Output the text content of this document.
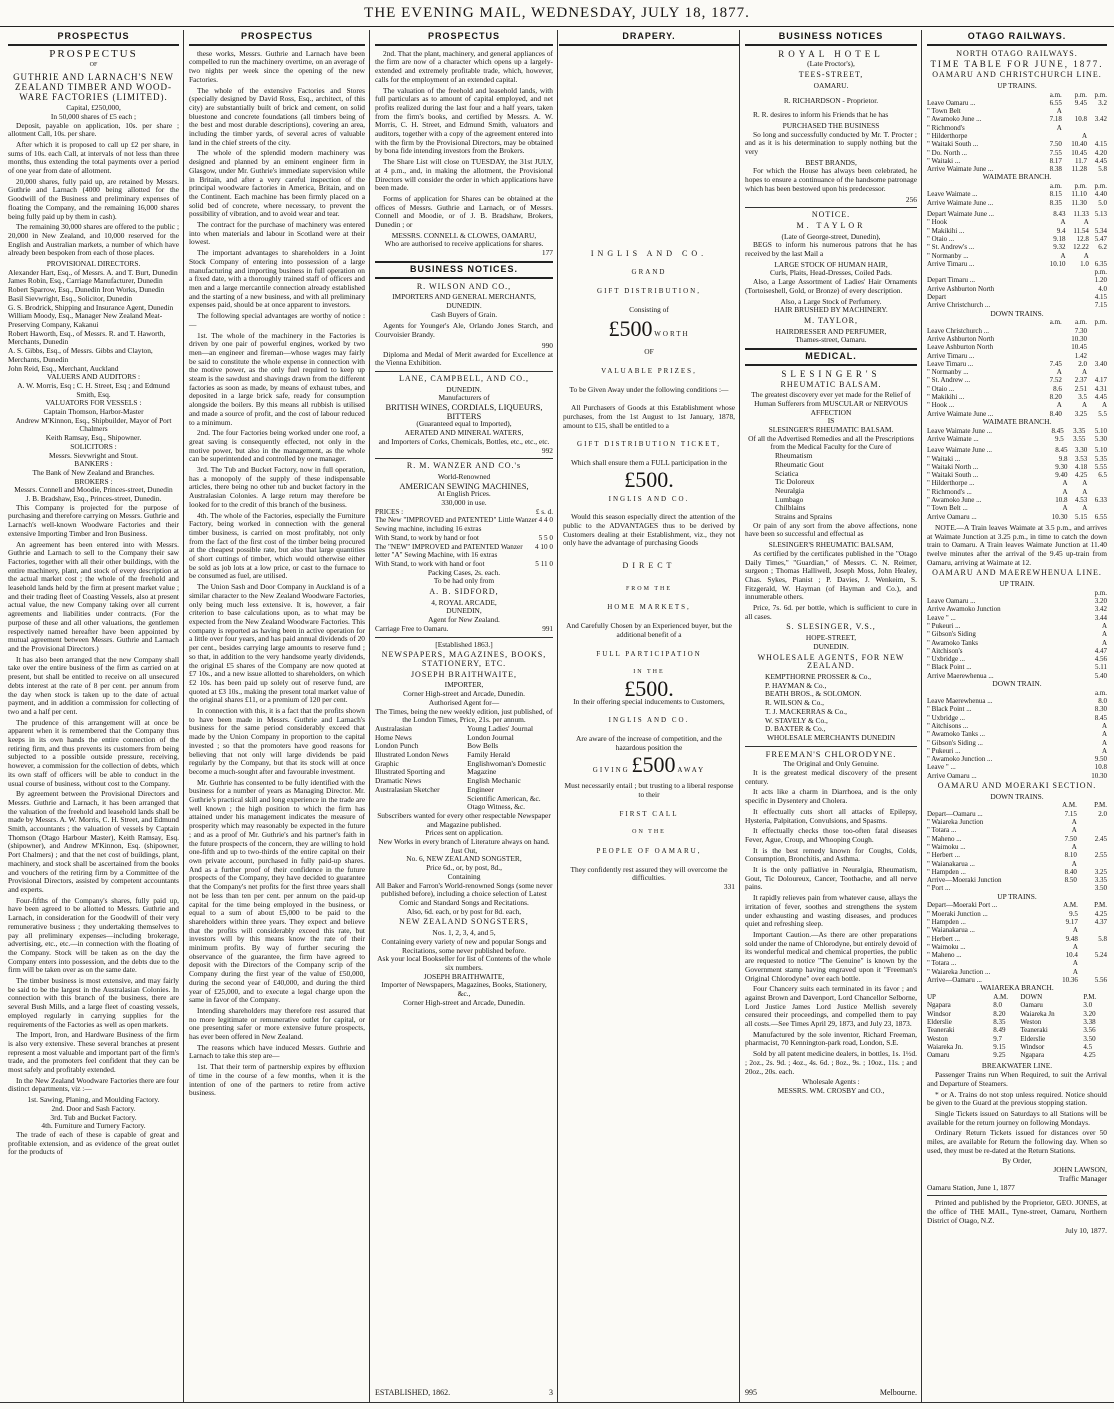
THE EVENING MAIL, WEDNESDAY, JULY 18, 1877.
PROSPECTUS
PROSPECTUS
OF
GUTHRIE AND LARNACH'S NEW ZEALAND TIMBER AND WOOD-WARE FACTORIES (LIMITED).
Capital, £250,000,
In 50,000 shares of £5 each ;
Deposit, payable on application, 10s. per share ; allotment Call, 10s. per share.
After which it is proposed to call up £2 per share, in sums of 10s. each Call, at intervals of not less than three months, thus extending the total payments over a period of one year from date of allotment.
20,000 shares, fully paid up, are retained by Messrs. Guthrie and Larnach (4000 being allotted for the Goodwill of the Business and preliminary expenses of floating the Company, and the remaining 16,000 shares being fully paid up by them in cash).
The remaining 30,000 shares are offered to the public ; 20,000 in New Zealand, and 10,000 reserved for the English and Australian markets, a number of which have already been bespoken from each of those places.
PROVISIONAL DIRECTORS.
Alexander Hart, Esq., of Messrs. A. and T. Burt, Dunedin
James Robin, Esq., Carriage Manufacturer, Dunedin
Robert Sparrow, Esq., Dunedin Iron Works, Dunedin
Basil Sievwright, Esq., Solicitor, Dunedin
G. S. Brodrick, Shipping and Insurance Agent, Dunedin
William Moody, Esq., Manager New Zealand Meat-Preserving Company, Kakanui
Robert Haworth, Esq., of Messrs. R. and T. Haworth, Merchants, Dunedin
A. S. Gibbs, Esq., of Messrs. Gibbs and Clayton, Merchants, Dunedin
John Reid, Esq., Merchant, Auckland
VALUERS AND AUDITORS :
A. W. Morris, Esq ; C. H. Street, Esq ; and Edmund Smith, Esq.
VALUATORS FOR VESSELS :
Captain Thomson, Harbor-Master
Andrew M'Kinnon, Esq., Shipbuilder, Mayor of Port Chalmers
Keith Ramsay, Esq., Shipowner.
SOLICITORS :
Messrs. Sievwright and Stout.
BANKERS :
The Bank of New Zealand and Branches.
BROKERS :
Messrs. Connell and Moodie, Princes-street, Dunedin
J. B. Bradshaw, Esq., Princes-street, Dunedin.
This Company is projected for the purpose of purchasing and therefore carrying on Messrs. Guthrie and Larnach's well-known Woodware Factories and their extensive Importing Timber and Iron Business.
An agreement has been entered into with Messrs. Guthrie and Larnach to sell to the Company their saw Factories, together with all their other buildings, with the entire machinery, plant, and stock of every description at the actual market cost ; the whole of the freehold and leasehold lands held by the firm at present market value ; and their trading fleet of Coasting Vessels, also at present actual value, the new Company taking over all current agreements and liabilities under contracts. (For the purpose of these and all other valuations, the gentlemen respectively named hereafter have been appointed by mutual agreement between Messrs. Guthrie and Larnach and the Provisional Directors.)
It has also been arranged that the new Company shall take over the entire business of the firm as carried on at present, but shall be entitled to receive on all unsecured debts interest at the rate of 8 per cent. per annum from the day when stock is taken up to the date of actual payment, and in addition a commission for collecting of two and a half per cent.
The prudence of this arrangement will at once be apparent when it is remembered that the Company thus keeps in its own hands the entire connection of the retiring firm, and thus prevents its customers from being subjected to a possible outside pressure, receiving, however, a commission for the collection of debts, which its own staff of officers will be able to conduct in the usual course of business, without cost to the Company.
By agreement between the Provisional Directors and Messrs. Guthrie and Larnach, it has been arranged that the valuation of the freehold and leasehold lands shall be made by Messrs. A. W. Morris, C. H. Street, and Edmund Smith, accountants ; the valuation of vessels by Captain Thomson (Otago Harbour Master), Keith Ramsay, Esq. (shipowner), and Andrew M'Kinnon, Esq. (shipowner, Port Chalmers) ; and that the net cost of buildings, plant, machinery, and stock shall be ascertained from the books and vouchers of the retiring firm by a Committee of the Provisional Directors, assisted by competent accountants and experts.
Four-fifths of the Company's shares, fully paid up, have been agreed to be allotted to Messrs. Guthrie and Larnach, in consideration for the Goodwill of their very remunerative business ; they undertaking themselves to pay all preliminary expenses—including brokerage, advertising, etc., etc.—in connection with the floating of the Company. Stock will be taken as on the day the Company enters into possession, and the debts due to the firm will be taken over as on the same date.
The timber business is most extensive, and may fairly be said to be the largest in the Australasian Colonies. In connection with this branch of the business, there are several Bush Mills, and a large fleet of coasting vessels, employed regularly in carrying supplies for the requirements of the Factories as well as open markets.
The Import, Iron, and Hardware Business of the firm is also very extensive. These several branches at present represent a most valuable and important part of the firm's trade, and the promoters feel confident that they can be most safely and profitably extended.
In the New Zealand Woodware Factories there are four distinct departments, viz :—
1st. Sawing, Planing, and Moulding Factory.
2nd. Door and Sash Factory.
3rd. Tub and Bucket Factory.
4th. Furniture and Turnery Factory.
The trade of each of these is capable of great and profitable extension, and as evidence of the great outlet for the products of
PROSPECTUS
these works, Messrs. Guthrie and Larnach have been compelled to run the machinery overtime, on an average of two nights per week since the opening of the new Factories.
The whole of the extensive Factories and Stores (specially designed by David Ross, Esq., architect, of this city) are substantially built of brick and cement, on solid bluestone and concrete foundations (all timbers being of the best and most durable descriptions), covering an area, including the timber yards, of several acres of valuable land in the chief streets of the city.
The whole of the splendid modern machinery was designed and planned by an eminent engineer firm in Glasgow, under Mr. Guthrie's immediate supervision while in Britain, and after a very careful inspection of the principal woodware factories in America, Britain, and on the Continent. Each machine has been firmly placed on a solid bed of concrete, where necessary, to prevent the possibility of vibration, and to avoid wear and tear.
The contract for the purchase of machinery was entered into when materials and labour in Scotland were at their lowest.
The important advantages to shareholders in a Joint Stock Company of entering into possession of a large manufacturing and importing business in full operation on a fixed date, with a thoroughly trained staff of officers and men and a large mercantile connection already established and the starting of a new business, and with all preliminary expenses paid, should be at once apparent to investors.
The following special advantages are worthy of notice :—
1st. The whole of the machinery in the Factories is driven by one pair of powerful engines, worked by two men—an engineer and fireman—whose wages may fairly be said to constitute the whole expense in connection with the motive power, as the only fuel required to keep up steam is the sawdust and shavings drawn from the different factories as soon as made, by means of exhaust tubes, and deposited in a large brick safe, ready for consumption alongside the boilers. By this means all rubbish is utilised and made a source of profit, and the cost of labour reduced to a minimum.
2nd. The four Factories being worked under one roof, a great saving is consequently effected, not only in the motive power, but also in the management, as the whole can be superintended and controlled by one manager.
3rd. The Tub and Bucket Factory, now in full operation, has a monopoly of the supply of these indispensable articles, there being no other tub and bucket factory in the Australasian Colonies. A large return may therefore be looked for to the credit of this branch of the business.
4th. The whole of the Factories, especially the Furniture Factory, being worked in connection with the general timber business, is carried on most profitably, not only from the fact of the first cost of the timber being procured at the cheapest possible rate, but also that large quantities of short cuttings of timber, which would otherwise either be sold as job lots at a low price, or cast to the furnace to be consumed as fuel, are utilised.
The Union Sash and Door Company in Auckland is of a similar character to the New Zealand Woodware Factories, only being much less extensive. It is, however, a fair criterion to base calculations upon, as to what may be expected from the New Zealand Woodware Factories. This company is reported as having been in active operation for a little over four years, and has paid annual dividends of 20 per cent., besides carrying large amounts to reserve fund ; so that, in addition to the very handsome yearly dividends, the original £5 shares of the Company are now quoted at £7 10s., and a new issue allotted to shareholders, on which £2 10s. has been paid up solely out of reserve fund, are quoted at £3 10s., making the present total market value of the original shares £11, or a premium of 120 per cent.
In connection with this, it is a fact that the profits shown to have been made in Messrs. Guthrie and Larnach's business for the same period considerably exceed that made by the Union Company in proportion to the capital invested ; so that the promoters have good reasons for believing that not only will large dividends be paid regularly by the Company, but that its stock will at once become a much-sought after and favourable investment.
Mr. Guthrie has consented to be fully identified with the business for a number of years as Managing Director. Mr. Guthrie's practical skill and long experience in the trade are well known ; the high position to which the firm has attained under his management indicates the measure of prosperity which may reasonably be expected in the future ; and as a proof of Mr. Guthrie's and his partner's faith in the future prospects of the concern, they are willing to hold one-fifth and up to two-thirds of the entire capital on their own private account, purchased in fully paid-up shares. And as a further proof of their confidence in the future prospects of the Company, they have decided to guarantee that the Company's net profits for the first three years shall not be less than ten per cent. per annum on the paid-up capital for the time being employed in the business, or equal to a sum of about £5,000 to be paid to the shareholders within three years. They expect and believe that the profits will considerably exceed this rate, but investors will by this means know the rate of their minimum profits. By way of further securing the observance of the guarantee, the firm have agreed to deposit with the Directors of the Company scrip of the Company during the first year of the value of £50,000, during the second year of £40,000, and during the third year of £25,000, and to execute a legal charge upon the same in favor of the Company.
Intending shareholders may therefore rest assured that no more legitimate or remunerative outlet for capital, or one presenting safer or more extensive future prospects, has ever been offered in New Zealand.
The reasons which have induced Messrs. Guthrie and Larnach to take this step are—
1st. That their term of partnership expires by effluxion of time in the course of a few months, when it is the intention of one of the partners to retire from active business.
PROSPECTUS
2nd. That the plant, machinery, and general appliances of the firm are now of a character which opens up a largely-extended and extremely profitable trade, which, however, calls for the employment of an extended capital.
The valuation of the freehold and leasehold lands, with full particulars as to amount of capital employed, and net profits realized during the last four and a half years, taken from the firm's books, and certified by Messrs. A. W. Morris, C. H. Street, and Edmund Smith, valuators and auditors, together with a copy of the agreement entered into with the firm by the Provisional Directors, may be obtained by bona fide intending investors from the Brokers.
The Share List will close on TUESDAY, the 31st JULY, at 4 p.m., and, in making the allotment, the Provisional Directors will consider the order in which applications have been made.
Forms of application for Shares can be obtained at the offices of Messrs. Guthrie and Larnach, or of Messrs. Connell and Moodie, or of J. B. Bradshaw, Brokers, Dunedin ; or
MESSRS. CONNELL & CLOWES, OAMARU,
Who are authorised to receive applications for shares.
177
BUSINESS NOTICES.
R. WILSON AND CO.,
IMPORTERS AND GENERAL MERCHANTS, DUNEDIN.
Cash Buyers of Grain.
Agents for Younger's Ale, Orlando Jones Starch, and Courvoisier Brandy.
990
Diploma and Medal of Merit awarded for Excellence at the Vienna Exhibition.
LANE, CAMPBELL, AND CO.,
DUNEDIN.
Manufacturers of
BRITISH WINES, CORDIALS, LIQUEURS, BITTERS
(Guaranteed equal to Imported),
AERATED AND MINERAL WATERS,
and Importers of Corks, Chemicals, Bottles, etc., etc., etc.
992
R. M. WANZER AND CO.'s
World-Renowned
AMERICAN SEWING MACHINES,
At English Prices.
330,000 in use.
PRICES :	£ s. d.
The New "IMPROVED and PATENTED" Little Wanzer Sewing machine, including 16 extras
4 4 0
With Stand, to work by hand or foot	5 5 0
The "NEW" IMPROVED and PATENTED Wanzer letter "A" Sewing Machine, with 16 extras
4 10 0
With Stand, to work with hand or foot	5 11 0
Packing Cases, 2s. each.
To be had only from
A. B. SIDFORD,
4, ROYAL ARCADE,
DUNEDIN,
Agent for New Zealand.
Carriage Free to Oamaru.	991
[Established 1863.]
NEWSPAPERS, MAGAZINES, BOOKS, STATIONERY, ETC.
JOSEPH BRAITHWAITE,
IMPORTER,
Corner High-street and Arcade, Dunedin.
Authorised Agent for—
The Times, being the new weekly edition, just published, of the London Times, Price, 21s. per annum.
Australasian
Home News
London Punch
Illustrated London News
Graphic
Illustrated Sporting and Dramatic News
Australasian Sketcher
Young Ladies' Journal
London Journal
Bow Bells
Family Herald
Englishwoman's Domestic Magazine
English Mechanic
Engineer
Scientific American, &c.
Otago Witness, &c.
Subscribers wanted for every other respectable Newspaper and Magazine published.
Prices sent on application.
New Works in every branch of Literature always on hand.
Just Out,
No. 6, NEW ZEALAND SONGSTER,
Price 6d., or, by post, 8d.,
Containing
All Baker and Farron's World-renowned Songs (some never published before), including a choice selection of Latest Comic and Standard Songs and Recitations.
Also, 6d. each, or by post for 8d. each,
NEW ZEALAND SONGSTERS,
Nos. 1, 2, 3, 4, and 5,
Containing every variety of new and popular Songs and Recitations, some never published before.
Ask your local Bookseller for list of Contents of the whole six numbers.
JOSEPH BRAITHWAITE,
Importer of Newspapers, Magazines, Books, Stationery, &c.,
Corner High-street and Arcade, Dunedin.
ESTABLISHED, 1862.	3
DRAPERY.
INGLIS AND CO.
GRAND
GIFT DISTRIBUTION,
Consisting of
£500 WORTH
OF
VALUABLE PRIZES,
To be Given Away under the following conditions :—
All Purchasers of Goods at this Establishment whose purchases, from the 1st August to 1st January, 1878, amount to £15, shall be entitled to a
GIFT DISTRIBUTION TICKET,
Which shall ensure them a FULL participation in the
£500.
INGLIS AND CO.
Would this season especially direct the attention of the public to the ADVANTAGES thus to be derived by Customers dealing at their Establishment, viz., they not only have the advantage of purchasing Goods
DIRECT
FROM THE
HOME MARKETS,
And Carefully Chosen by an Experienced buyer, but the additional benefit of a
FULL PARTICIPATION
IN THE
£500.
In their offering special inducements to Customers,
INGLIS AND CO.
Are aware of the increase of competition, and the hazardous position the
GIVING £500 AWAY
Must necessarily entail ; but trusting to a liberal response to their
FIRST CALL
ON THE
PEOPLE OF OAMARU,
They confidently rest assured they will overcome the difficulties.
331
BUSINESS NOTICES
ROYAL HOTEL
(Late Proctor's),
TEES-STREET,
OAMARU.
R. RICHARDSON - Proprietor.
R. R. desires to inform his Friends that he has
PURCHASED THE BUSINESS
So long and successfully conducted by Mr. T. Procter ; and as it is his determination to supply nothing but the very
BEST BRANDS,
For which the House has always been celebrated, he hopes to ensure a continuance of the handsome patronage which has been bestowed upon his predecessor.
256
NOTICE.
M. TAYLOR
(Late of George-street, Dunedin),
BEGS to inform his numerous patrons that he has received by the last Mail a
LARGE STOCK OF HUMAN HAIR,
Curls, Plaits, Head-Dresses, Coiled Pads.
Also, a Large Assortment of Ladies' Hair Ornaments (Tortoiseshell, Gold, or Bronze) of every description.
Also, a Large Stock of Perfumery.
HAIR BRUSHED BY MACHINERY.
M. TAYLOR,
HAIRDRESSER AND PERFUMER,
Thames-street, Oamaru.
MEDICAL.
SLESINGER'S
RHEUMATIC BALSAM.
The greatest discovery ever yet made for the Relief of Human Sufferers from MUSCULAR or NERVOUS AFFECTION
IS
SLESINGER'S RHEUMATIC BALSAM.
Of all the Advertised Remedies and all the Prescriptions from the Medical Faculty for the Cure of
Rheumatism
Rheumatic Gout
Sciatica
Tic Doloreux
Neuralgia
Lumbago
Chilblains
Strains and Sprains
Or pain of any sort from the above affections, none have been so successful and effectual as
SLESINGER'S RHEUMATIC BALSAM,
As certified by the certificates published in the "Otago Daily Times," "Guardian," of Messrs. C. N. Reimer, surgeon ; Thomas Halliwell, Joseph Moss, John Healey, Chas. Sykes, Pianist ; P. Davies, J. Wenkeim, S. Fitzgerald, W. Hayman (of Hayman and Co.), and innumerable others.
Price, 7s. 6d. per bottle, which is sufficient to cure in all cases.
S. SLESINGER, V.S.,
HOPE-STREET,
DUNEDIN.
WHOLESALE AGENTS, FOR NEW ZEALAND.
KEMPTHORNE PROSSER & Co.,
P. HAYMAN & Co.,
BEATH BROS., & SOLOMON.
R. WILSON & Co.,
T. J. MACKERRAS & Co.,
W. STAVELY & Co.,
D. BAXTER & Co.,
WHOLESALE MERCHANTS DUNEDIN
FREEMAN'S CHLORODYNE.
The Original and Only Genuine.
It is the greatest medical discovery of the present century.
It acts like a charm in Diarrhoea, and is the only specific in Dysentery and Cholera.
It effectually cuts short all attacks of Epilepsy, Hysteria, Palpitation, Convulsions, and Spasms.
It effectually checks those too-often fatal diseases Fever, Ague, Croup, and Whooping Cough.
It is the best remedy known for Coughs, Colds, Consumption, Bronchitis, and Asthma.
It is the only palliative in Neuralgia, Rheumatism, Gout, Tic Doloureux, Cancer, Toothache, and all nerve pains.
It rapidly relieves pain from whatever cause, allays the irritation of fever, soothes and strengthens the system under exhausting and wasting diseases, and produces quiet and refreshing sleep.
Important Caution.—As there are other preparations sold under the name of Chlorodyne, but entirely devoid of its wonderful medical and chemical properties, the public are requested to notice "The Genuine" is known by the Government stamp having engraved upon it "Freeman's Original Chlorodyne" over each bottle.
Four Chancery suits each terminated in its favor ; and against Brown and Davenport, Lord Chancellor Selborne, Lord Justice James Lord Justice Mellish severely censured their proceedings, and compelled them to pay all costs.—See Times April 29, 1873, and July 23, 1873.
Manufactured by the sole inventor, Richard Freeman, pharmacist, 70 Kennington-park road, London, S.E.
Sold by all patent medicine dealers, in bottles, 1s. 1½d. ; 2oz., 2s. 9d. ; 4oz., 4s. 6d. ; 8oz., 9s. ; 10oz., 11s. ; and 20oz., 20s. each.
Wholesale Agents :
MESSRS. WM. CROSBY and CO.,
995	Melbourne.
OTAGO RAILWAYS.
NORTH OTAGO RAILWAYS.
TIME TABLE FOR JUNE, 1877.
OAMARU AND CHRISTCHURCH LINE.
UP TRAINS.
	a.m.	p.m.	p.m.
Leave Oamaru ...	6.55	9.45	3.2
" Town Belt	A		
" Awamoko June ...	7.18	10.8	3.42
" Richmond's	A		
" Hilderthorpe		A	
" Waitaki South ...	7.50	10.40	4.15
" Do. North ...	7.55	10.45	4.20
" Waitaki ...	8.17	11.7	4.45
Arrive Waimate June ...	8.38	11.28	5.8
WAIMATE BRANCH.
	a.m.	p.m.	p.m.
Leave Waimate ...	8.15	11.10	4.40
Arrive Waimate June ...	8.35	11.30	5.0
Depart Waimate June ...	8.43	11.33	5.13
" Hook	A	A	
" Makikihi ...	9.4	11.54	5.34
" Otaio ...	9.18	12.8	5.47
" St. Andrew's ...	9.32	12.22	6.2
" Normanby ...	A	A	
Arrive Timaru ...	10.10	1.0	6.35
		p.m.	
Depart Timaru ...		1.20	
Arrive Ashburton North		4.0	
Depart		4.15	
Arrive Christchurch ...		7.15	
DOWN TRAINS.
	a.m.	a.m.	p.m.
Leave Christchurch ...		7.30	
Arrive Ashburton North		10.30	
Leave Ashburton North		10.45	
Arrive Timaru ...		1.42	
Leave Timaru ...	7.45	2.0	3.40
" Normanby ...	A	A	
" St. Andrew ...	7.52	2.37	4.17
" Otaio ...	8.6	2.51	4.31
" Makikihi ...	8.20	3.5	4.45
" Hook ...	A	A	A
Arrive Waimate June ...	8.40	3.25	5.5
WAIMATE BRANCH.
Leave Waimate June ...	8.45	3.35	5.10
Arrive Waimate ...	9.5	3.55	5.30
Leave Waimate June ...	8.45	3.30	5.10
" Waitaki ...	9.8	3.53	5.35
" Waitaki North ...	9.30	4.18	5.55
" Waitaki South ...	9.40	4.25	6.5
" Hilderthorpe ...	A	A	
" Richmond's ...	A	A	
" Awamoko June ...	10.8	4.53	6.33
" Town Belt ...	A	A	
Arrive Oamaru ...	10.30	5.15	6.55
NOTE.—A Train leaves Waimate at 3.5 p.m., and arrives at Waimate Junction at 3.25 p.m., in time to catch the down train to Oamaru. A Train leaves Waimate Junction at 11.40 twelve minutes after the arrival of the 9.45 up-train from Oamaru, arriving at Waimate at 12.
OAMARU AND MAEREWHENUA LINE.
UP TRAIN.
	p.m.
Leave Oamaru ...	3.20
Arrive Awamoko Junction	3.42
Leave " ...	3.44
" Pukeuri ...	A
" Gibson's Siding	A
" Awamoko Tanks	A
" Aitchison's	4.47
" Uxbridge ...	4.56
" Black Point ...	5.11
Arrive Maerewhenua ...	5.40
DOWN TRAIN.
	a.m.
Leave Maerewhenua ...	8.0
" Black Point ...	8.30
" Uxbridge ...	8.45
" Aitchisons ...	A
" Awamoko Tanks ...	A
" Gibson's Siding ...	A
" Pukeuri ...	A
" Awamoko Junction ...	9.50
Leave " ...	10.8
Arrive Oamaru ...	10.30
OAMARU AND MOERAKI SECTION.
DOWN TRAINS.
	A.M.	P.M.
Depart—Oamaru ...	7.15	2.0
" Waiareka Junction	A	
" Totara ...	A	
" Maheno ...	7.50	2.45
" Waimoku ...	A	
" Herbert ...	8.10	2.55
" Waianakarua ...	A	
" Hampden ...	8.40	3.25
Arrive—Moeraki Junction	8.50	3.35
" Port ...		3.50
UP TRAINS.
Depart—Moeraki Port ...	A.M.	P.M.
" Moeraki Junction ...	9.5	4.25
" Hampden ...	9.17	4.37
" Waianakarua ...	A	
" Herbert ...	9.48	5.8
" Waimoku ...	A	
" Maheno ...	10.4	5.24
" Totara ...	A	
" Waiareka Junction ...	A	
Arrive—Oamaru ...	10.36	5.56
WAIAREKA BRANCH.
UP	A.M.	DOWN	P.M.
Ngapara	8.0	Oamaru	3.0
Windsor	8.20	Waiareka Jn	3.20
Elderslie	8.35	Weston	3.38
Teaneraki	8.49	Teaneraki	3.56
Weston	9.7	Elderslie	3.50
Waiareka Jn.	9.15	Windsor	4.5
Oamaru	9.25	Ngapara	4.25
BREAKWATER LINE.
Passenger Trains run When Required, to suit the Arrival and Departure of Steamers.
* or A. Trains do not stop unless required. Notice should be given to the Guard at the previous stopping station.
Single Tickets issued on Saturdays to all Stations will be available for the return journey on following Mondays.
Ordinary Return Tickets issued for distances over 50 miles, are available for Return the following day. When so used, they must be re-dated at the Return Stations.
By Order,
JOHN LAWSON,
Traffic Manager
Oamaru Station, June 1, 1877
Printed and published by the Proprietor, GEO. JONES, at the office of THE MAIL, Tyne-street, Oamaru, Northern District of Otago, N.Z.
July 10, 1877.
